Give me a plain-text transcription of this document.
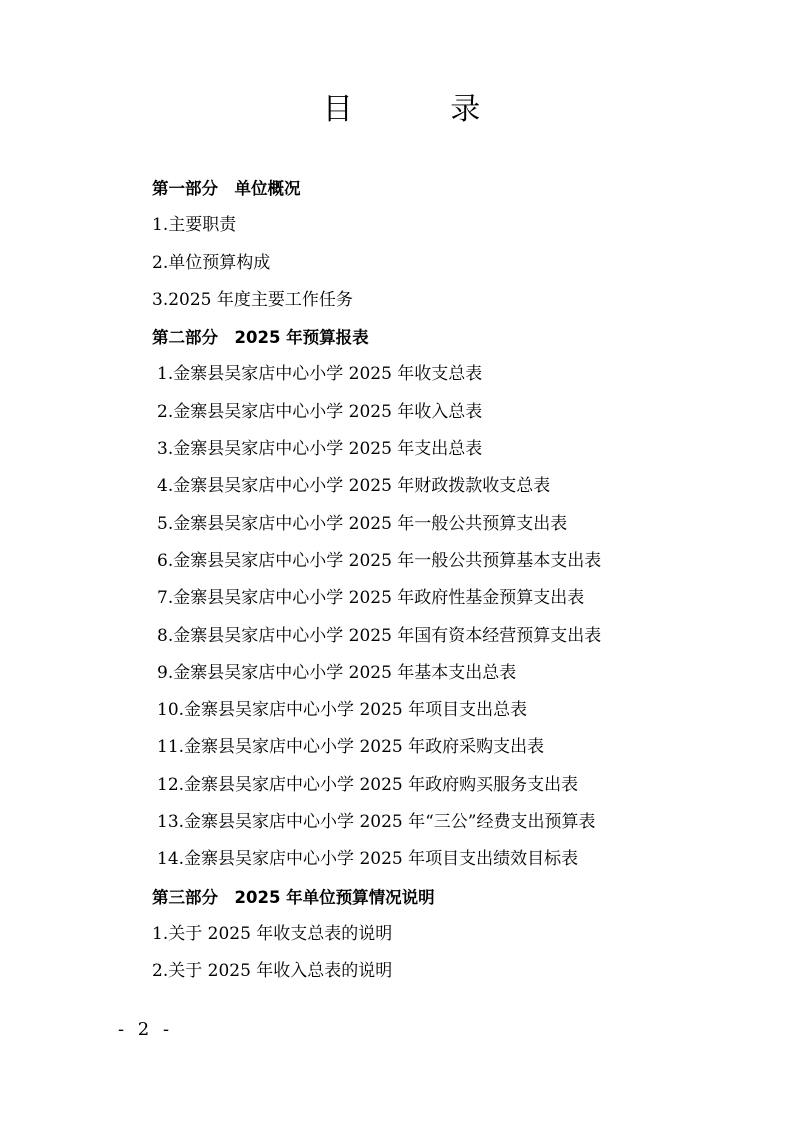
目 录
第一部分　单位概况
1.主要职责
2.单位预算构成
3.2025 年度主要工作任务
第二部分　2025 年预算报表
1.金寨县吴家店中心小学 2025 年收支总表
2.金寨县吴家店中心小学 2025 年收入总表
3.金寨县吴家店中心小学 2025 年支出总表
4.金寨县吴家店中心小学 2025 年财政拨款收支总表
5.金寨县吴家店中心小学 2025 年一般公共预算支出表
6.金寨县吴家店中心小学 2025 年一般公共预算基本支出表
7.金寨县吴家店中心小学 2025 年政府性基金预算支出表
8.金寨县吴家店中心小学 2025 年国有资本经营预算支出表
9.金寨县吴家店中心小学 2025 年基本支出总表
10.金寨县吴家店中心小学 2025 年项目支出总表
11.金寨县吴家店中心小学 2025 年政府采购支出表
12.金寨县吴家店中心小学 2025 年政府购买服务支出表
13.金寨县吴家店中心小学 2025 年“三公”经费支出预算表
14.金寨县吴家店中心小学 2025 年项目支出绩效目标表
第三部分　2025 年单位预算情况说明
1.关于 2025 年收支总表的说明
2.关于 2025 年收入总表的说明
- 2 -
